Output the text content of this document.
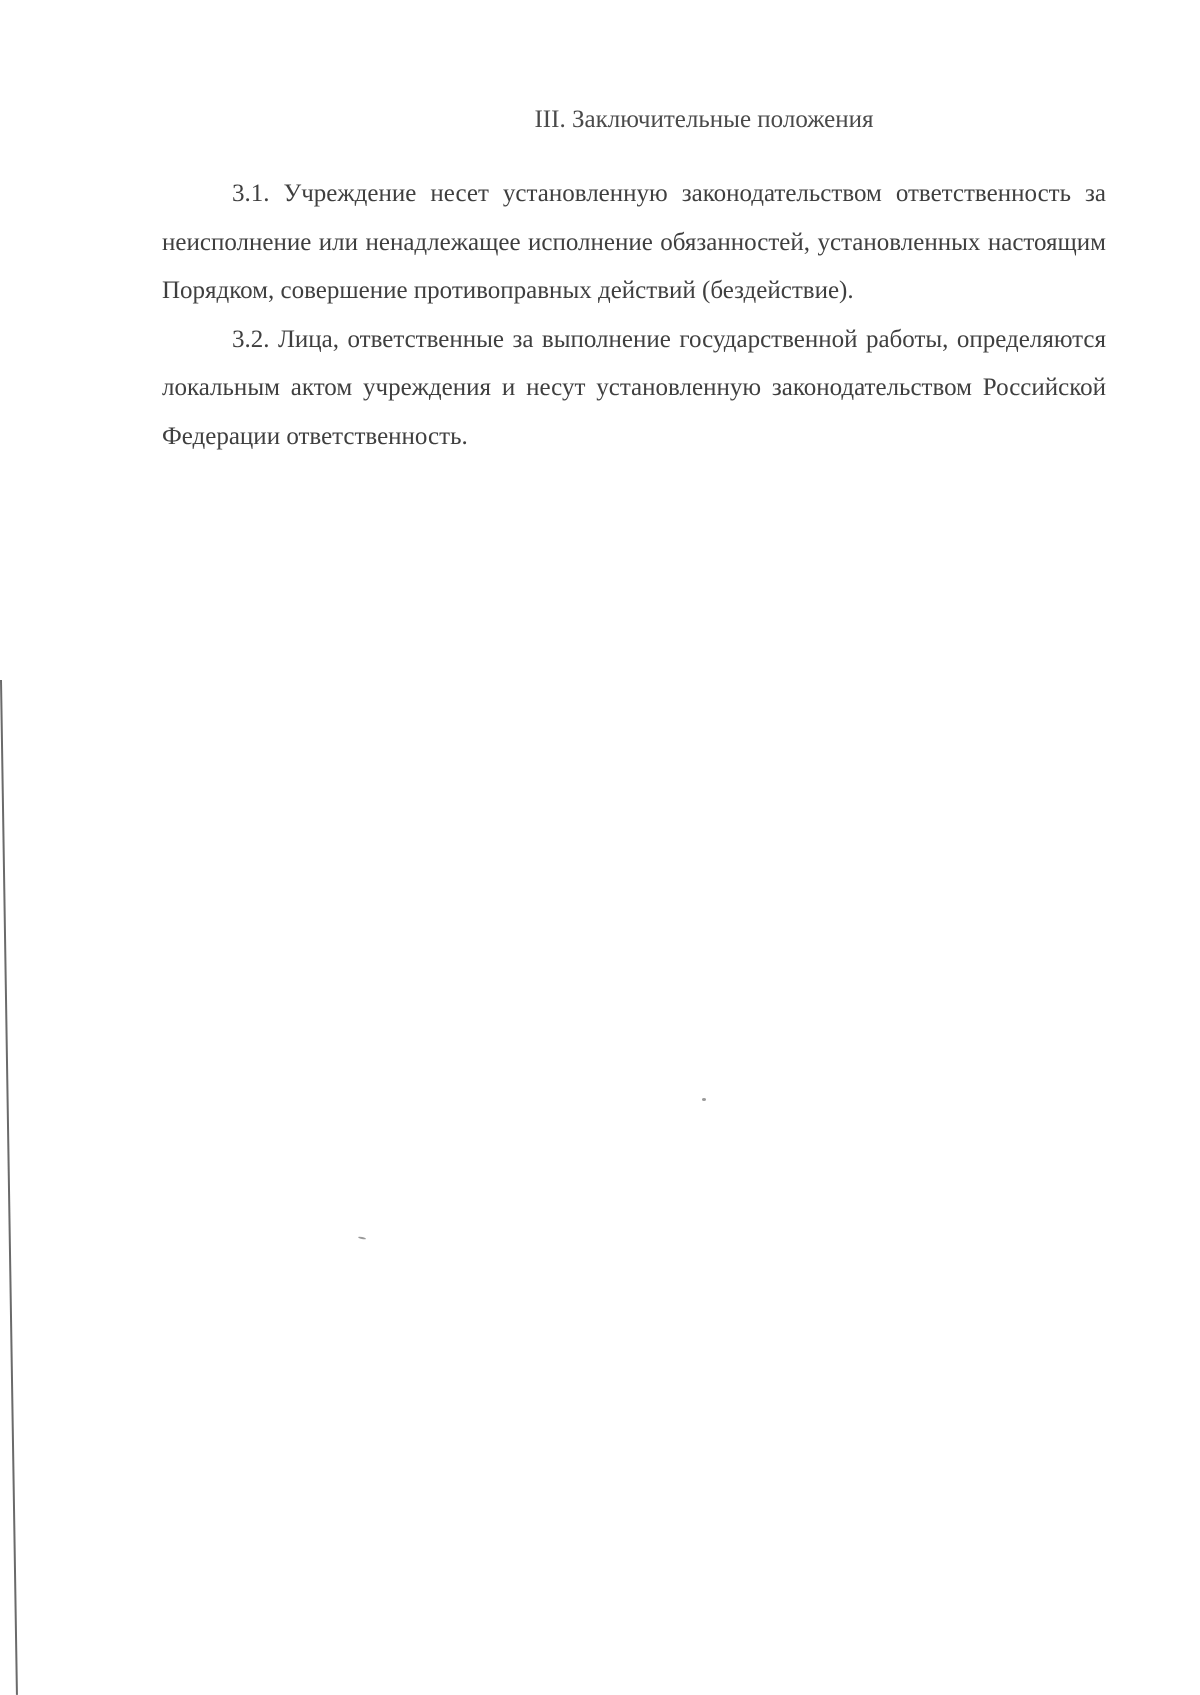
III. Заключительные положения

3.1. Учреждение несет установленную законодательством ответственность за неисполнение или ненадлежащее исполнение обязанностей, установленных настоящим Порядком, совершение противоправных действий (бездействие).

3.2. Лица, ответственные за выполнение государственной работы, определяются локальным актом учреждения и несут установленную законодательством Российской Федерации ответственность.
